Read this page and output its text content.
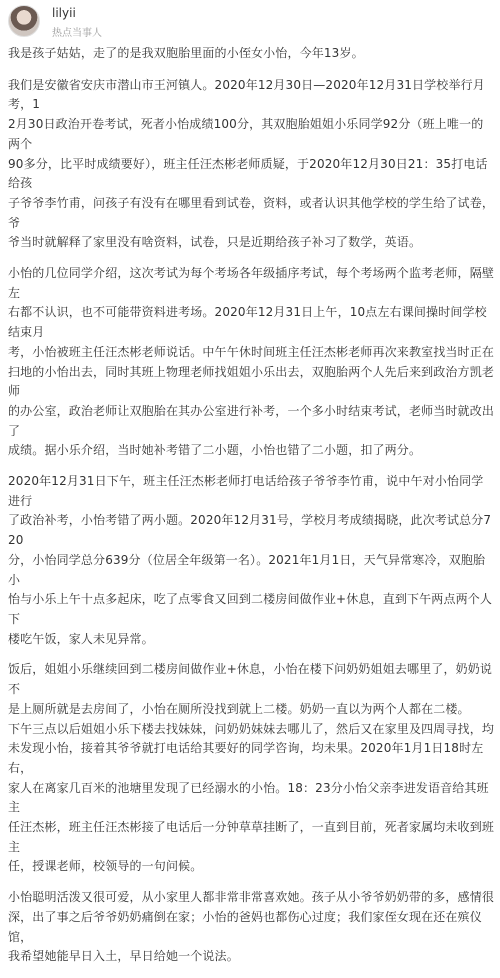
lilyii
热点当事人

我是孩子姑姑，走了的是我双胞胎里面的小侄女小怡，今年13岁。

我们是安徽省安庆市潜山市王河镇人。2020年12月30日—2020年12月31日学校举行月考，1
2月30日政治开卷考试，死者小怡成绩100分，其双胞胎姐姐小乐同学92分（班上唯一的两个
90多分，比平时成绩要好），班主任汪杰彬老师质疑，于2020年12月30日21：35打电话给孩
子爷爷李竹甫，问孩子有没有在哪里看到试卷，资料，或者认识其他学校的学生给了试卷，爷
爷当时就解释了家里没有啥资料，试卷，只是近期给孩子补习了数学，英语。

小怡的几位同学介绍，这次考试为每个考场各年级插序考试，每个考场两个监考老师，隔壁左
右都不认识，也不可能带资料进考场。2020年12月31日上午，10点左右课间操时间学校结束月
考，小怡被班主任汪杰彬老师说话。中午午休时间班主任汪杰彬老师再次来教室找当时正在
扫地的小怡出去，同时其班上物理老师找姐姐小乐出去，双胞胎两个人先后来到政治方凯老师
的办公室，政治老师让双胞胎在其办公室进行补考，一个多小时结束考试，老师当时就改出了
成绩。据小乐介绍，当时她补考错了二小题，小怡也错了二小题，扣了两分。

2020年12月31日下午，班主任汪杰彬老师打电话给孩子爷爷李竹甫，说中午对小怡同学进行
了政治补考，小怡考错了两小题。2020年12月31号，学校月考成绩揭晓，此次考试总分720
分，小怡同学总分639分（位居全年级第一名）。2021年1月1日，天气异常寒冷，双胞胎小
怡与小乐上午十点多起床，吃了点零食又回到二楼房间做作业+休息，直到下午两点两个人下
楼吃午饭，家人未见异常。

饭后，姐姐小乐继续回到二楼房间做作业+休息，小怡在楼下问奶奶姐姐去哪里了，奶奶说不
是上厕所就是去房间了，小怡在厕所没找到就上二楼。奶奶一直以为两个人都在二楼。
下午三点以后姐姐小乐下楼去找妹妹，问奶奶妹妹去哪儿了，然后又在家里及四周寻找，均
未发现小怡，接着其爷爷就打电话给其要好的同学咨询，均未果。2020年1月1日18时左右，
家人在离家几百米的池塘里发现了已经溺水的小怡。18：23分小怡父亲李进发语音给其班主
任汪杰彬，班主任汪杰彬接了电话后一分钟草草挂断了，一直到目前，死者家属均未收到班主
任，授课老师，校领导的一句问候。

小怡聪明活泼又很可爱，从小家里人都非常非常喜欢她。孩子从小爷爷奶奶带的多，感情很
深，出了事之后爷爷奶奶痛倒在家；小怡的爸妈也都伤心过度；我们家侄女现在还在殡仪馆，
我希望她能早日入土，早日给她一个说法。
